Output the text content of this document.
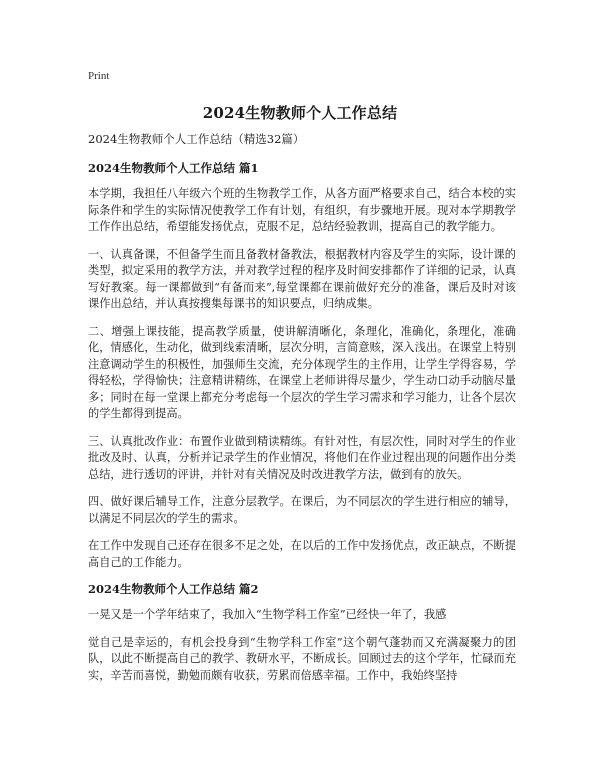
Print
2024生物教师个人工作总结

2024生物教师个人工作总结（精选32篇）

2024生物教师个人工作总结 篇1

本学期，我担任八年级六个班的生物教学工作，从各方面严格要求自己，结合本校的实际条件和学生的实际情况使教学工作有计划，有组织，有步骤地开展。现对本学期教学工作作出总结，希望能发扬优点，克服不足，总结经验教训，提高自己的教学能力。

一、认真备课，不但备学生而且备教材备教法，根据教材内容及学生的实际，设计课的类型，拟定采用的教学方法，并对教学过程的程序及时间安排都作了详细的记录，认真写好教案。每一课都做到“有备而来”,每堂课都在课前做好充分的准备，课后及时对该课作出总结，并认真按搜集每课书的知识要点，归纳成集。

二、增强上课技能，提高教学质量，使讲解清晰化，条理化，准确化，条理化，准确化，情感化，生动化，做到线索清晰，层次分明，言简意赅，深入浅出。在课堂上特别注意调动学生的积极性，加强师生交流，充分体现学生的主作用，让学生学得容易，学得轻松，学得愉快；注意精讲精练，在课堂上老师讲得尽量少，学生动口动手动脑尽量多；同时在每一堂课上都充分考虑每一个层次的学生学习需求和学习能力，让各个层次的学生都得到提高。

三、认真批改作业：布置作业做到精读精练。有针对性，有层次性，同时对学生的作业批改及时、认真，分析并记录学生的作业情况，将他们在作业过程出现的问题作出分类总结，进行透切的评讲，并针对有关情况及时改进教学方法，做到有的放矢。

四、做好课后辅导工作，注意分层教学。在课后，为不同层次的学生进行相应的辅导，以满足不同层次的学生的需求。

在工作中发现自己还存在很多不足之处，在以后的工作中发扬优点，改正缺点，不断提高自己的工作能力。

2024生物教师个人工作总结 篇2

一晃又是一个学年结束了，我加入“生物学科工作室”已经快一年了，我感

觉自己是幸运的，有机会投身到“生物学科工作室”这个朝气蓬勃而又充满凝聚力的团队，以此不断提高自己的教学、教研水平，不断成长。回顾过去的这个学年，忙碌而充实，辛苦而喜悦，勤勉而颇有收获，劳累而倍感幸福。工作中，我始终坚持
